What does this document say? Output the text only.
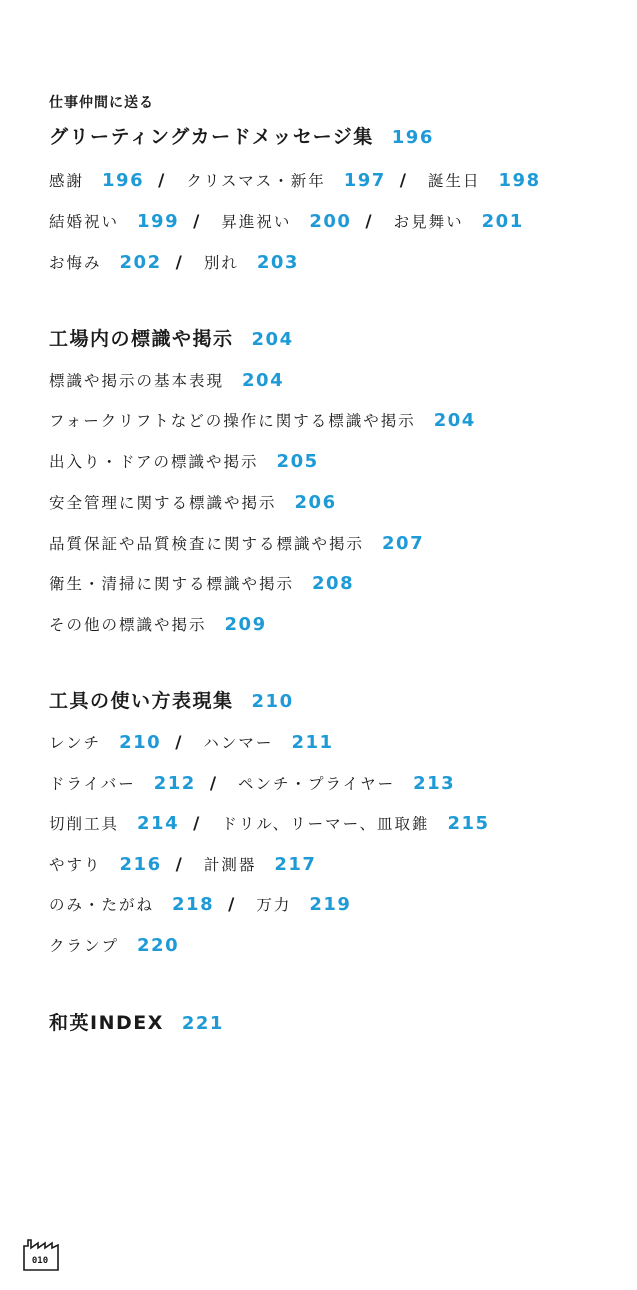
仕事仲間に送る
グリーティングカードメッセージ集 196
感謝 196 / クリスマス・新年 197 / 誕生日 198
結婚祝い 199 / 昇進祝い 200 / お見舞い 201
お悔み 202 / 別れ 203
工場内の標識や掲示 204
標識や掲示の基本表現 204
フォークリフトなどの操作に関する標識や掲示 204
出入り・ドアの標識や掲示 205
安全管理に関する標識や掲示 206
品質保証や品質検査に関する標識や掲示 207
衛生・清掃に関する標識や掲示 208
その他の標識や掲示 209
工具の使い方表現集 210
レンチ 210 / ハンマー 211
ドライバー 212 / ペンチ・プライヤー 213
切削工具 214 / ドリル、リーマー、皿取錐 215
やすり 216 / 計測器 217
のみ・たがね 218 / 万力 219
クランプ 220
和英INDEX 221
010
